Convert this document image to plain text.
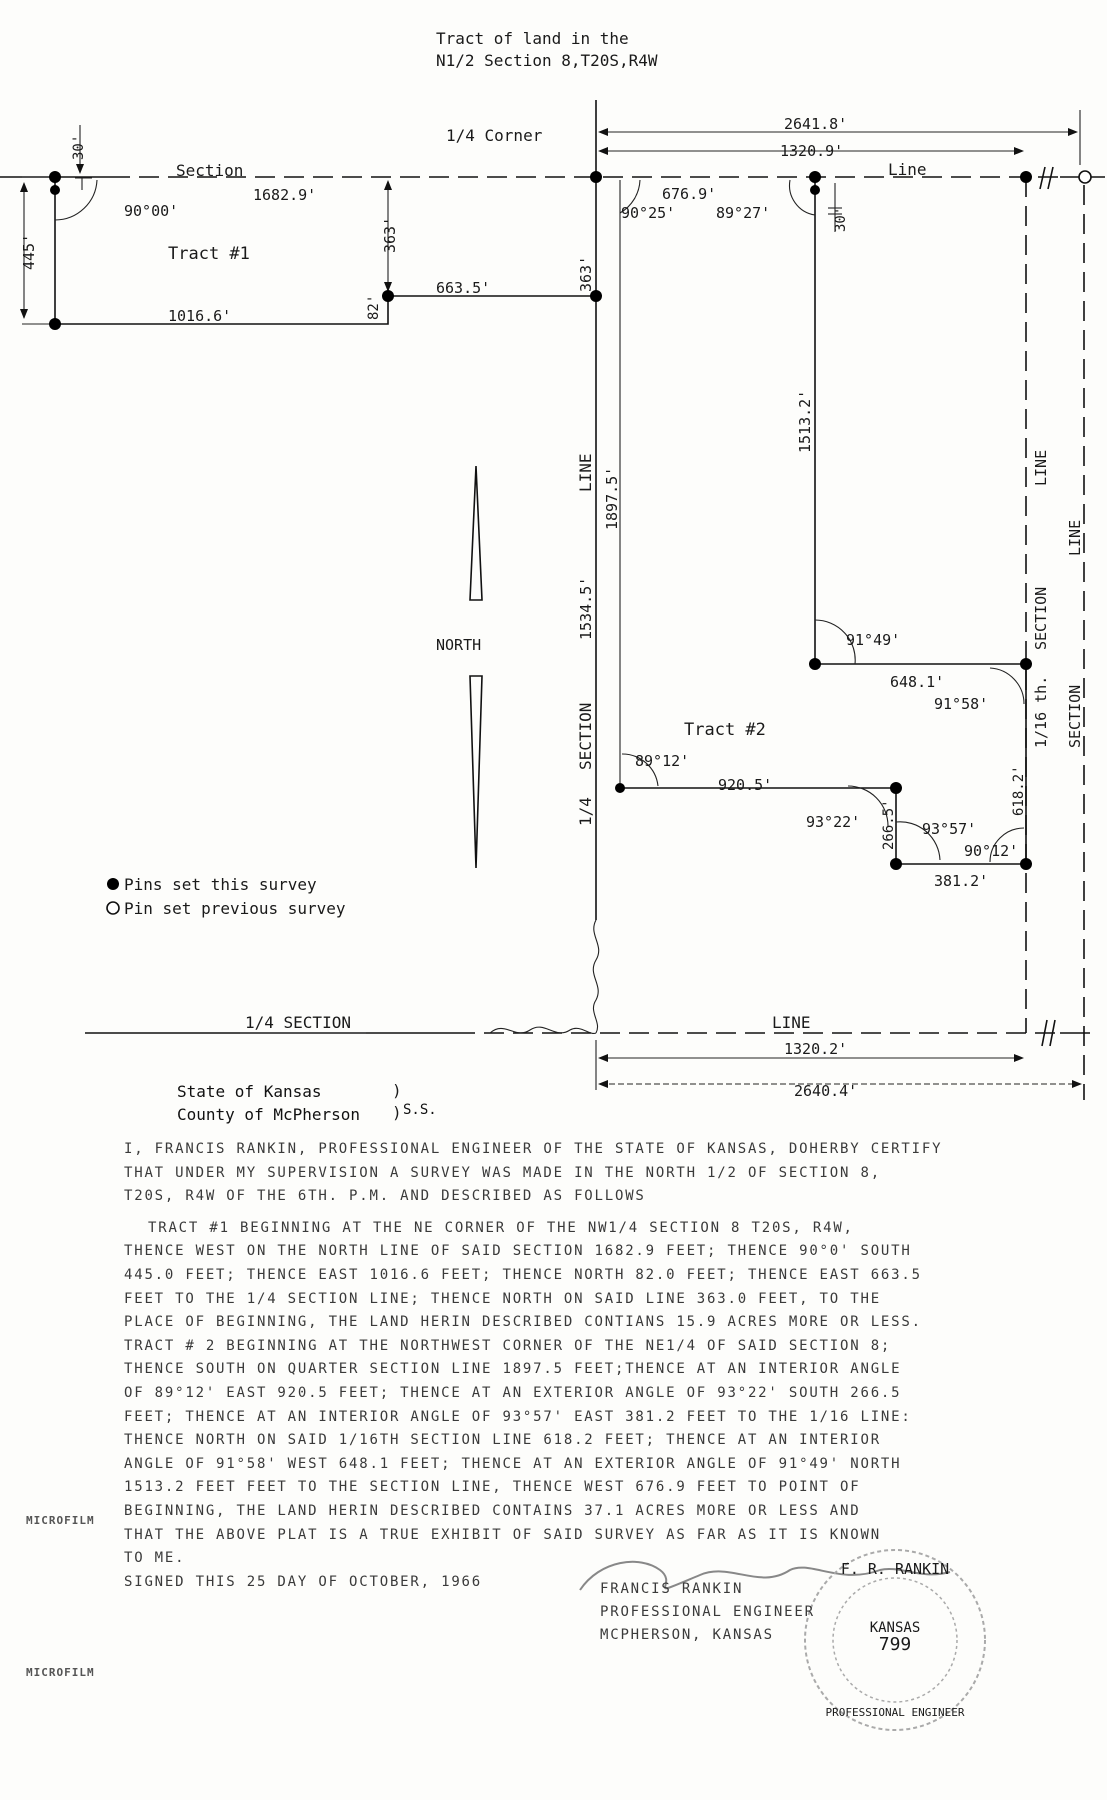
Tract of land in the
N1/2 Section 8,T20S,R4W
NORTH
1/4 Corner
Section	Line
Tract #1
Tract #2
1/4 SECTION	LINE
1/4
SECTION
LINE
1/16 th.
SECTION
LINE
SECTION
LINE
2641.8'
1320.9'
1682.9'	676.9'
30'
30'
445'	363'
363'
82'
663.5'
1016.6'
1513.2'
1897.5'
1534.5'
648.1'
920.5'
266.5'
618.2'
381.2'
1320.2'
2640.4'
90°00'	90°25'	89°27'
91°49'
91°58'
89°12'
93°22'	93°57'
90°12'
Pins set this survey
Pin set previous survey
)
)
F. R. RANKIN
KANSAS
799
PROFESSIONAL ENGINEER
State of Kansas
County of McPherson	S.S.

I, FRANCIS RANKIN, PROFESSIONAL ENGINEER OF THE STATE OF KANSAS, DOHERBY CERTIFY

THAT UNDER MY SUPERVISION A SURVEY WAS MADE IN THE NORTH 1/2 OF SECTION 8,

T20S, R4W OF THE 6TH. P.M. AND DESCRIBED AS FOLLOWS

TRACT #1 BEGINNING AT THE NE CORNER OF THE NW1/4 SECTION 8 T20S, R4W,

THENCE WEST ON THE NORTH LINE OF SAID SECTION 1682.9 FEET; THENCE 90°0' SOUTH

445.0 FEET; THENCE EAST 1016.6 FEET; THENCE NORTH 82.0 FEET; THENCE EAST 663.5

FEET TO THE 1/4 SECTION LINE; THENCE NORTH ON SAID LINE 363.0 FEET, TO THE

PLACE OF BEGINNING, THE LAND HERIN DESCRIBED CONTIANS 15.9 ACRES MORE OR LESS.

TRACT # 2 BEGINNING AT THE NORTHWEST CORNER OF THE NE1/4 OF SAID SECTION 8;

THENCE SOUTH ON QUARTER SECTION LINE 1897.5 FEET;THENCE AT AN INTERIOR ANGLE

OF 89°12' EAST 920.5 FEET; THENCE AT AN EXTERIOR ANGLE OF 93°22' SOUTH 266.5

FEET; THENCE AT AN INTERIOR ANGLE OF 93°57' EAST 381.2 FEET TO THE 1/16 LINE:

THENCE NORTH ON SAID 1/16TH SECTION LINE 618.2 FEET; THENCE AT AN INTERIOR

ANGLE OF 91°58' WEST 648.1 FEET; THENCE AT AN EXTERIOR ANGLE OF 91°49' NORTH

1513.2 FEET FEET TO THE SECTION LINE, THENCE WEST 676.9 FEET TO POINT OF

BEGINNING, THE LAND HERIN DESCRIBED CONTAINS 37.1 ACRES MORE OR LESS AND

THAT THE ABOVE PLAT IS A TRUE EXHIBIT OF SAID SURVEY AS FAR AS IT IS KNOWN

TO ME.

SIGNED THIS 25 DAY OF OCTOBER, 1966	FRANCIS RANKIN
PROFESSIONAL ENGINEER
MCPHERSON, KANSAS
MICROFILM
MICROFILM
